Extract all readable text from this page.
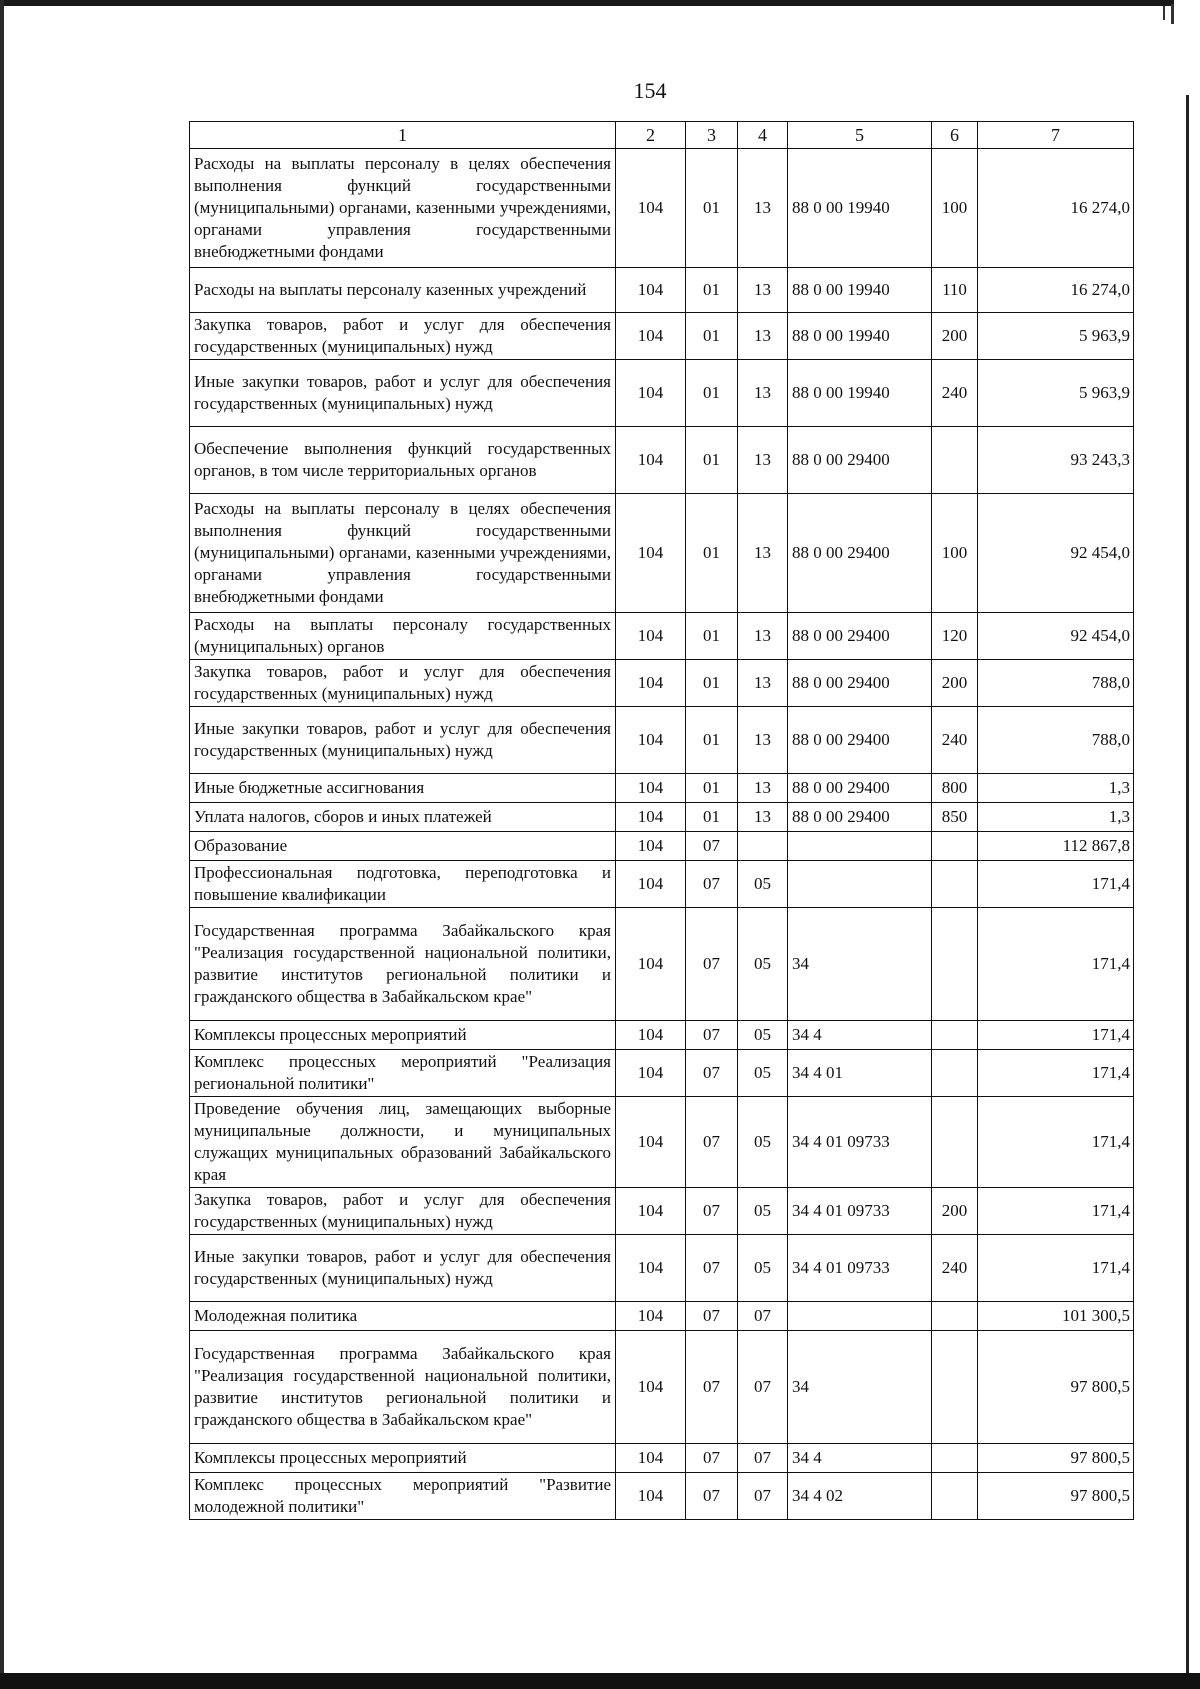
154
1	2	3	4	5	6	7
Расходы на выплаты персоналу в целях обеспечения выполнения функций государственными (муниципальными) органами, казенными учреждениями, органами управления государственными внебюджетными фондами	104	01	13	88 0 00 19940	100	16 274,0
Расходы на выплаты персоналу казенных учреждений	104	01	13	88 0 00 19940	110	16 274,0
Закупка товаров, работ и услуг для обеспечения государственных (муниципальных) нужд	104	01	13	88 0 00 19940	200	5 963,9
Иные закупки товаров, работ и услуг для обеспечения государственных (муниципальных) нужд	104	01	13	88 0 00 19940	240	5 963,9
Обеспечение выполнения функций государственных органов, в том числе территориальных органов	104	01	13	88 0 00 29400		93 243,3
Расходы на выплаты персоналу в целях обеспечения выполнения функций государственными (муниципальными) органами, казенными учреждениями, органами управления государственными внебюджетными фондами	104	01	13	88 0 00 29400	100	92 454,0
Расходы на выплаты персоналу государственных (муниципальных) органов	104	01	13	88 0 00 29400	120	92 454,0
Закупка товаров, работ и услуг для обеспечения государственных (муниципальных) нужд	104	01	13	88 0 00 29400	200	788,0
Иные закупки товаров, работ и услуг для обеспечения государственных (муниципальных) нужд	104	01	13	88 0 00 29400	240	788,0
Иные бюджетные ассигнования	104	01	13	88 0 00 29400	800	1,3
Уплата налогов, сборов и иных платежей	104	01	13	88 0 00 29400	850	1,3
Образование	104	07				112 867,8
Профессиональная подготовка, переподготовка и повышение квалификации	104	07	05			171,4
Государственная программа Забайкальского края "Реализация государственной национальной политики, развитие институтов региональной политики и гражданского общества в Забайкальском крае"	104	07	05	34		171,4
Комплексы процессных мероприятий	104	07	05	34 4		171,4
Комплекс процессных мероприятий "Реализация региональной политики"	104	07	05	34 4 01		171,4
Проведение обучения лиц, замещающих выборные муниципальные должности, и муниципальных служащих муниципальных образований Забайкальского края	104	07	05	34 4 01 09733		171,4
Закупка товаров, работ и услуг для обеспечения государственных (муниципальных) нужд	104	07	05	34 4 01 09733	200	171,4
Иные закупки товаров, работ и услуг для обеспечения государственных (муниципальных) нужд	104	07	05	34 4 01 09733	240	171,4
Молодежная политика	104	07	07			101 300,5
Государственная программа Забайкальского края "Реализация государственной национальной политики, развитие институтов региональной политики и гражданского общества в Забайкальском крае"	104	07	07	34		97 800,5
Комплексы процессных мероприятий	104	07	07	34 4		97 800,5
Комплекс процессных мероприятий "Развитие молодежной политики"	104	07	07	34 4 02		97 800,5
